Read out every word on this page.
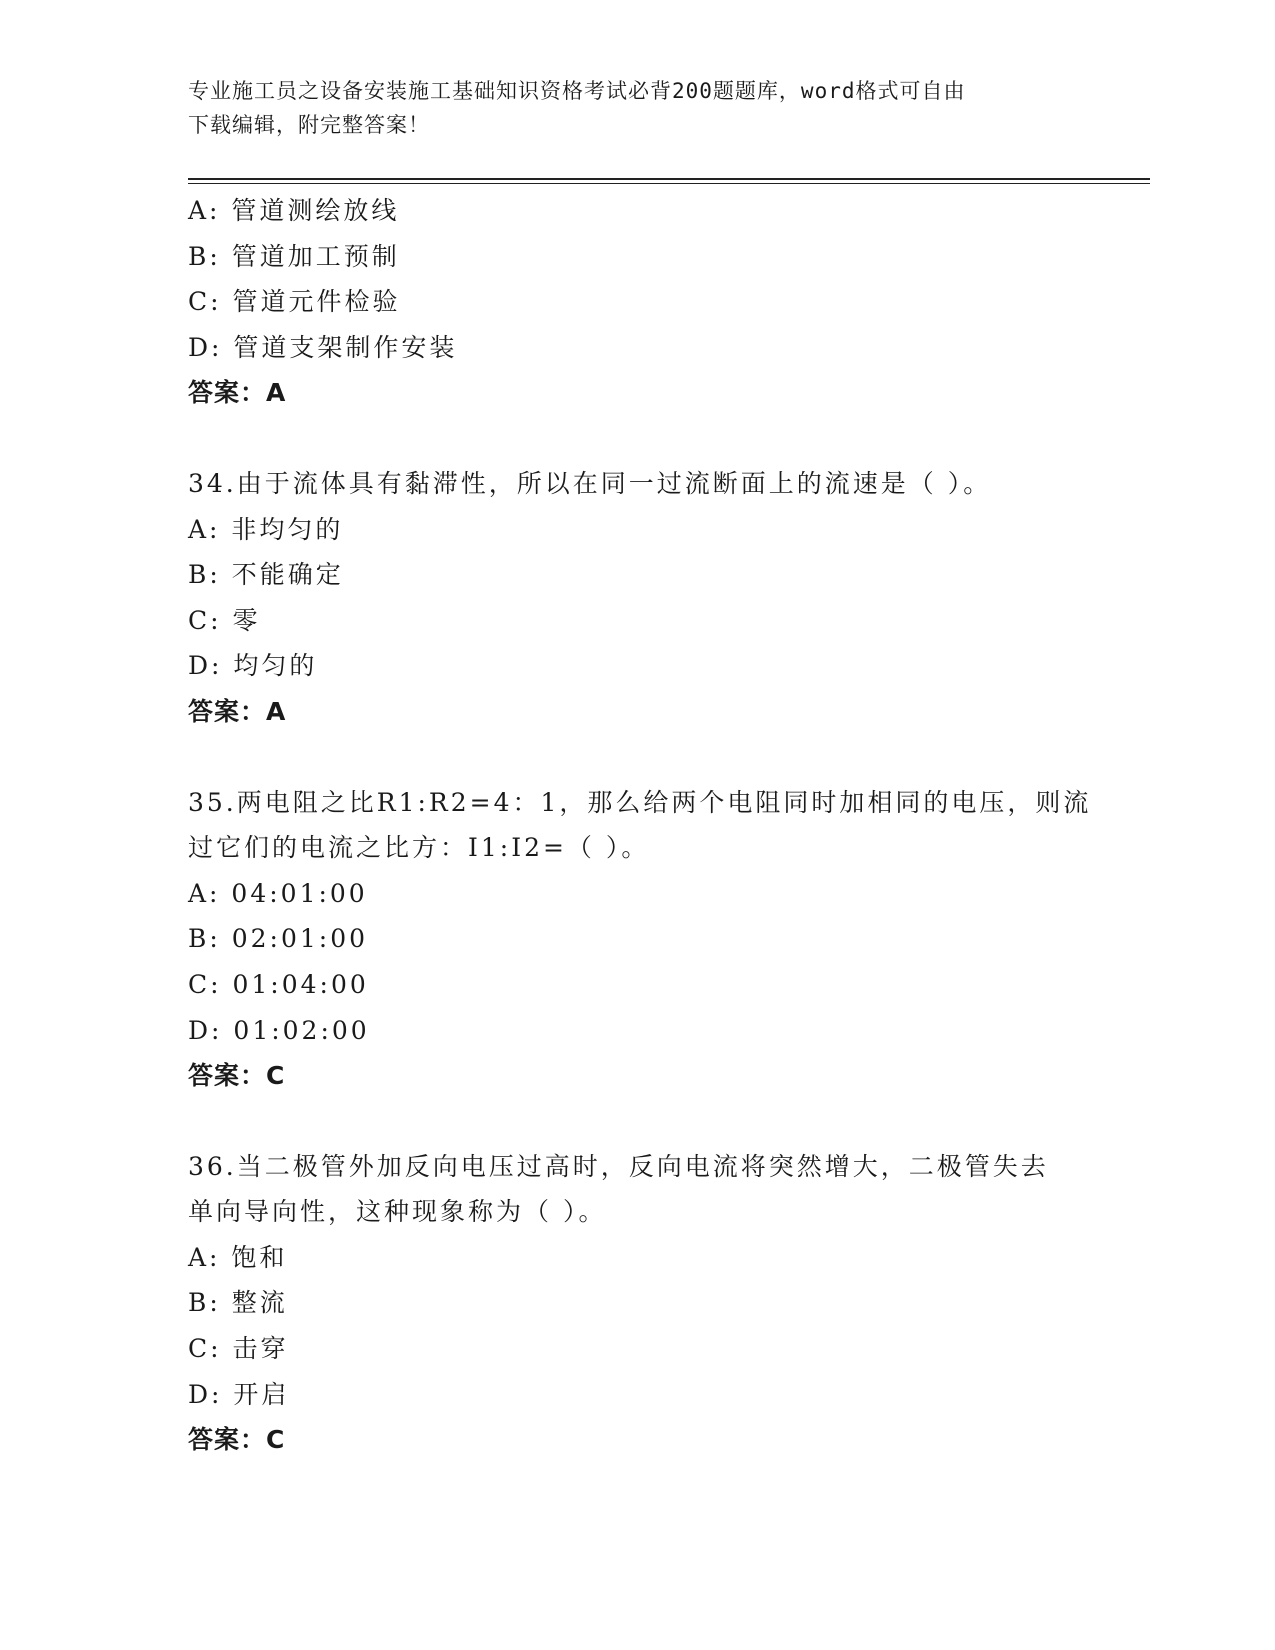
专业施工员之设备安装施工基础知识资格考试必背200题题库，word格式可自由
下载编辑，附完整答案！
A: 管道测绘放线
B: 管道加工预制
C: 管道元件检验
D: 管道支架制作安装
答案：A
34.由于流体具有黏滞性，所以在同一过流断面上的流速是（ ）。
A: 非均匀的
B: 不能确定
C: 零
D: 均匀的
答案：A
35.两电阻之比R1:R2=4：1，那么给两个电阻同时加相同的电压，则流
过它们的电流之比方：I1:I2=（ ）。
A: 04:01:00
B: 02:01:00
C: 01:04:00
D: 01:02:00
答案：C
36.当二极管外加反向电压过高时，反向电流将突然增大，二极管失去
单向导向性，这种现象称为（ ）。
A: 饱和
B: 整流
C: 击穿
D: 开启
答案：C
